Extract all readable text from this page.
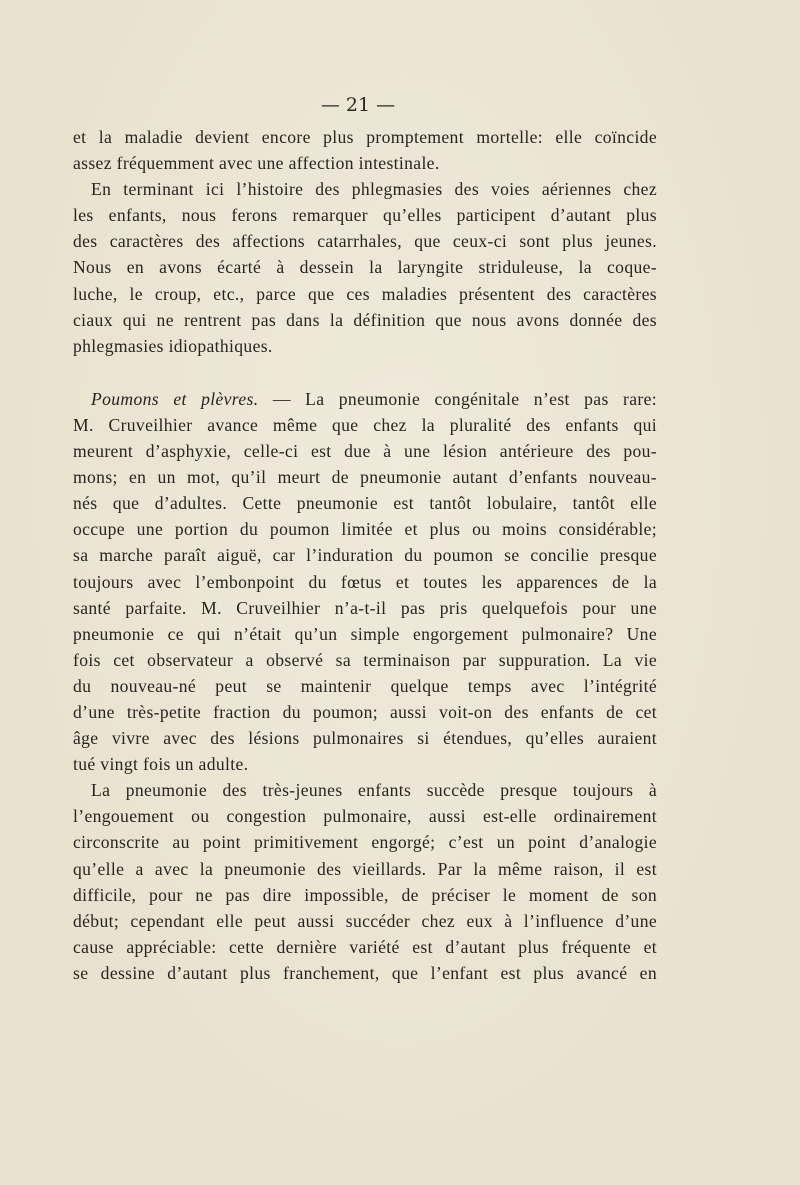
— 21 —
et la maladie devient encore plus promptement mortelle: elle coïncide
assez fréquemment avec une affection intestinale.
En terminant ici l’histoire des phlegmasies des voies aériennes chez
les enfants, nous ferons remarquer qu’elles participent d’autant plus
des caractères des affections catarrhales, que ceux-ci sont plus jeunes.
Nous en avons écarté à dessein la laryngite striduleuse, la coque-
luche, le croup, etc., parce que ces maladies présentent des caractères
ciaux qui ne rentrent pas dans la définition que nous avons donnée des
phlegmasies idiopathiques.
Poumons et plèvres. — La pneumonie congénitale n’est pas rare:
M. Cruveilhier avance même que chez la pluralité des enfants qui
meurent d’asphyxie, celle-ci est due à une lésion antérieure des pou-
mons; en un mot, qu’il meurt de pneumonie autant d’enfants nouveau-
nés que d’adultes. Cette pneumonie est tantôt lobulaire, tantôt elle
occupe une portion du poumon limitée et plus ou moins considérable;
sa marche paraît aiguë, car l’induration du poumon se concilie presque
toujours avec l’embonpoint du fœtus et toutes les apparences de la
santé parfaite. M. Cruveilhier n’a-t-il pas pris quelquefois pour une
pneumonie ce qui n’était qu’un simple engorgement pulmonaire? Une
fois cet observateur a observé sa terminaison par suppuration. La vie
du nouveau-né peut se maintenir quelque temps avec l’intégrité
d’une très-petite fraction du poumon; aussi voit-on des enfants de cet
âge vivre avec des lésions pulmonaires si étendues, qu’elles auraient
tué vingt fois un adulte.
La pneumonie des très-jeunes enfants succède presque toujours à
l’engouement ou congestion pulmonaire, aussi est-elle ordinairement
circonscrite au point primitivement engorgé; c’est un point d’analogie
qu’elle a avec la pneumonie des vieillards. Par la même raison, il est
difficile, pour ne pas dire impossible, de préciser le moment de son
début; cependant elle peut aussi succéder chez eux à l’influence d’une
cause appréciable: cette dernière variété est d’autant plus fréquente et
se dessine d’autant plus franchement, que l’enfant est plus avancé en
